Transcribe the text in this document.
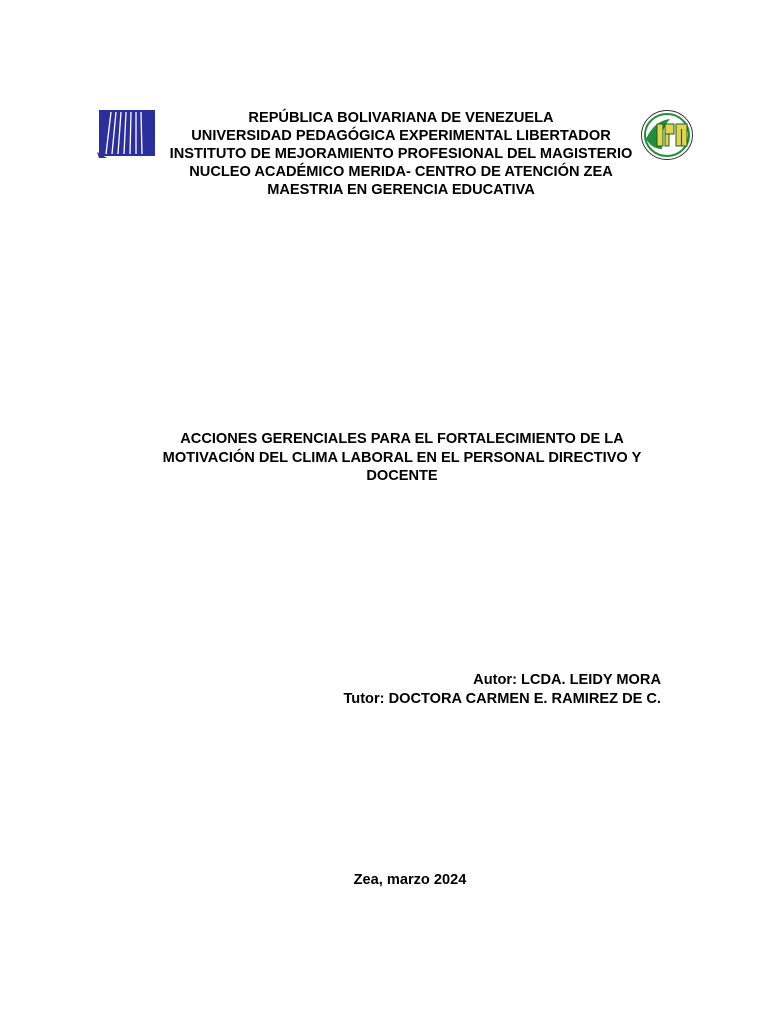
REPÚBLICA BOLIVARIANA DE VENEZUELA
UNIVERSIDAD PEDAGÓGICA EXPERIMENTAL LIBERTADOR
INSTITUTO DE MEJORAMIENTO PROFESIONAL DEL MAGISTERIO
NUCLEO ACADÉMICO MERIDA- CENTRO DE ATENCIÓN ZEA
MAESTRIA EN GERENCIA EDUCATIVA
ACCIONES GERENCIALES PARA EL FORTALECIMIENTO DE LA
MOTIVACIÓN DEL CLIMA LABORAL EN EL PERSONAL DIRECTIVO Y
DOCENTE
Autor: LCDA. LEIDY MORA
Tutor: DOCTORA CARMEN E. RAMIREZ DE C.
Zea, marzo 2024
